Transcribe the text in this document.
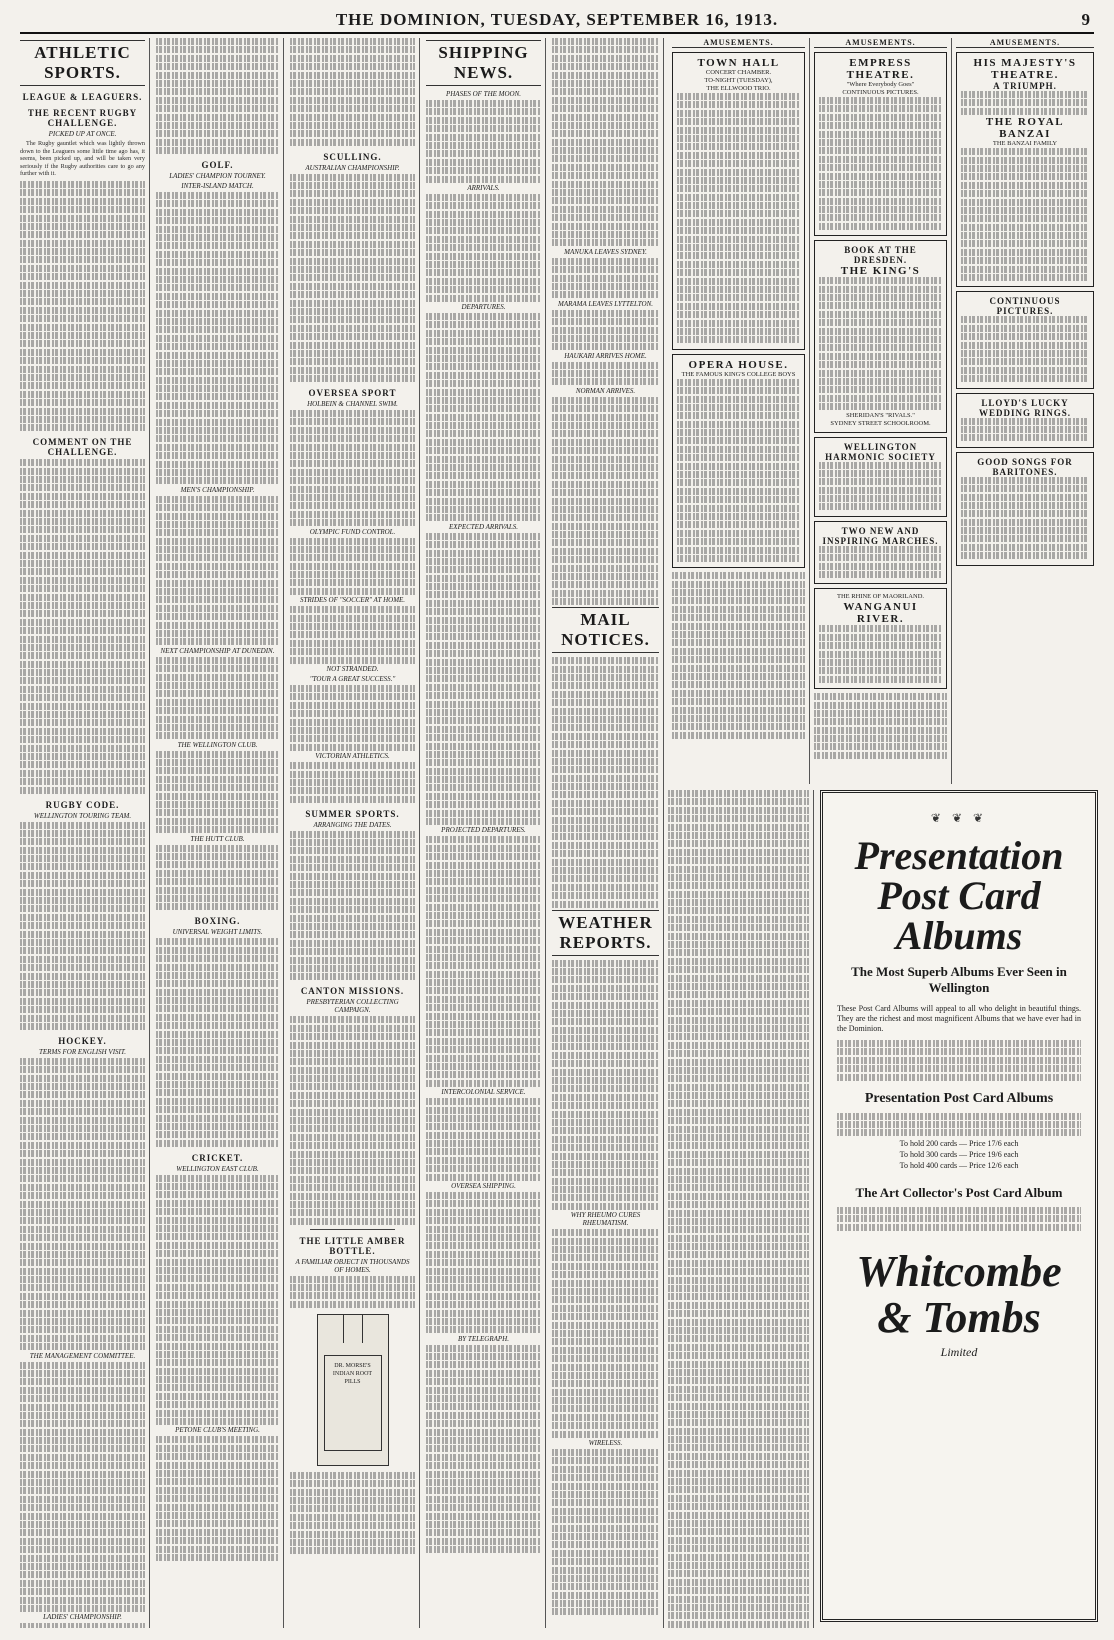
THE DOMINION, TUESDAY, SEPTEMBER 16, 1913.	9
ATHLETIC SPORTS.
LEAGUE & LEAGUERS.
THE RECENT RUGBY CHALLENGE.
PICKED UP AT ONCE.

The Rugby gauntlet which was lightly thrown down to the Leaguers some little time ago has, it seems, been picked up, and will be taken very seriously if the Rugby authorities care to go any further with it.

COMMENT ON THE CHALLENGE.
RUGBY CODE.
WELLINGTON TOURING TEAM.
HOCKEY.
TERMS FOR ENGLISH VISIT.
THE MANAGEMENT COMMITTEE.
LADIES' CHAMPIONSHIP.
GOLF.
LADIES' CHAMPION TOURNEY.
INTER-ISLAND MATCH.
MEN'S CHAMPIONSHIP.
NEXT CHAMPIONSHIP AT DUNEDIN.
THE WELLINGTON CLUB.
THE HUTT CLUB.
BOXING.
UNIVERSAL WEIGHT LIMITS.
CRICKET.
WELLINGTON EAST CLUB.
PETONE CLUB'S MEETING.
SCULLING.
AUSTRALIAN CHAMPIONSHIP.
OVERSEA SPORT
HOLBEIN & CHANNEL SWIM.
OLYMPIC FUND CONTROL.
STRIDES OF "SOCCER" AT HOME.
NOT STRANDED.
"TOUR A GREAT SUCCESS."
VICTORIAN ATHLETICS.
SUMMER SPORTS.
ARRANGING THE DATES.
CANTON MISSIONS.
PRESBYTERIAN COLLECTING CAMPAIGN.
THE LITTLE AMBER BOTTLE.
A FAMILIAR OBJECT IN THOUSANDS OF HOMES.
DR. MORSE'S INDIAN ROOT PILLS
SHIPPING NEWS.
PHASES OF THE MOON.
ARRIVALS.
DEPARTURES.
EXPECTED ARRIVALS.
PROJECTED DEPARTURES.
INTERCOLONIAL SERVICE.
OVERSEA SHIPPING.
BY TELEGRAPH.
MANUKA LEAVES SYDNEY.
MARAMA LEAVES LYTTELTON.
HAUKARI ARRIVES HOME.
NORMAN ARRIVES.
MAIL NOTICES.
WEATHER REPORTS.
WHY RHEUMO CURES RHEUMATISM.
WIRELESS.
AMUSEMENTS.
TOWN HALL
CONCERT CHAMBER.
TO-NIGHT (TUESDAY),
THE ELLWOOD TRIO.
OPERA HOUSE.
THE FAMOUS KING'S COLLEGE BOYS
AMUSEMENTS.
EMPRESS THEATRE.
"Where Everybody Goes"
CONTINUOUS PICTURES.
BOOK AT THE DRESDEN.
THE KING'S
SHERIDAN'S "RIVALS."
SYDNEY STREET SCHOOLROOM.
WELLINGTON HARMONIC SOCIETY
TWO NEW AND INSPIRING MARCHES.
THE RHINE OF MAORILAND.
WANGANUI RIVER.
AMUSEMENTS.
HIS MAJESTY'S THEATRE.
A TRIUMPH.
THE ROYAL BANZAI
THE BANZAI FAMILY
CONTINUOUS PICTURES.
LLOYD'S LUCKY WEDDING RINGS.
GOOD SONGS FOR BARITONES.
❦ ❦ ❦
Presentation Post Card Albums
The Most Superb Albums Ever Seen in Wellington
These Post Card Albums will appeal to all who delight in beautiful things. They are the richest and most magnificent Albums that we have ever had in the Dominion.
Presentation Post Card Albums
To hold 200 cards — Price 17/6 each
To hold 300 cards — Price 19/6 each
To hold 400 cards — Price 12/6 each
The Art Collector's Post Card Album
Whitcombe & Tombs
Limited
